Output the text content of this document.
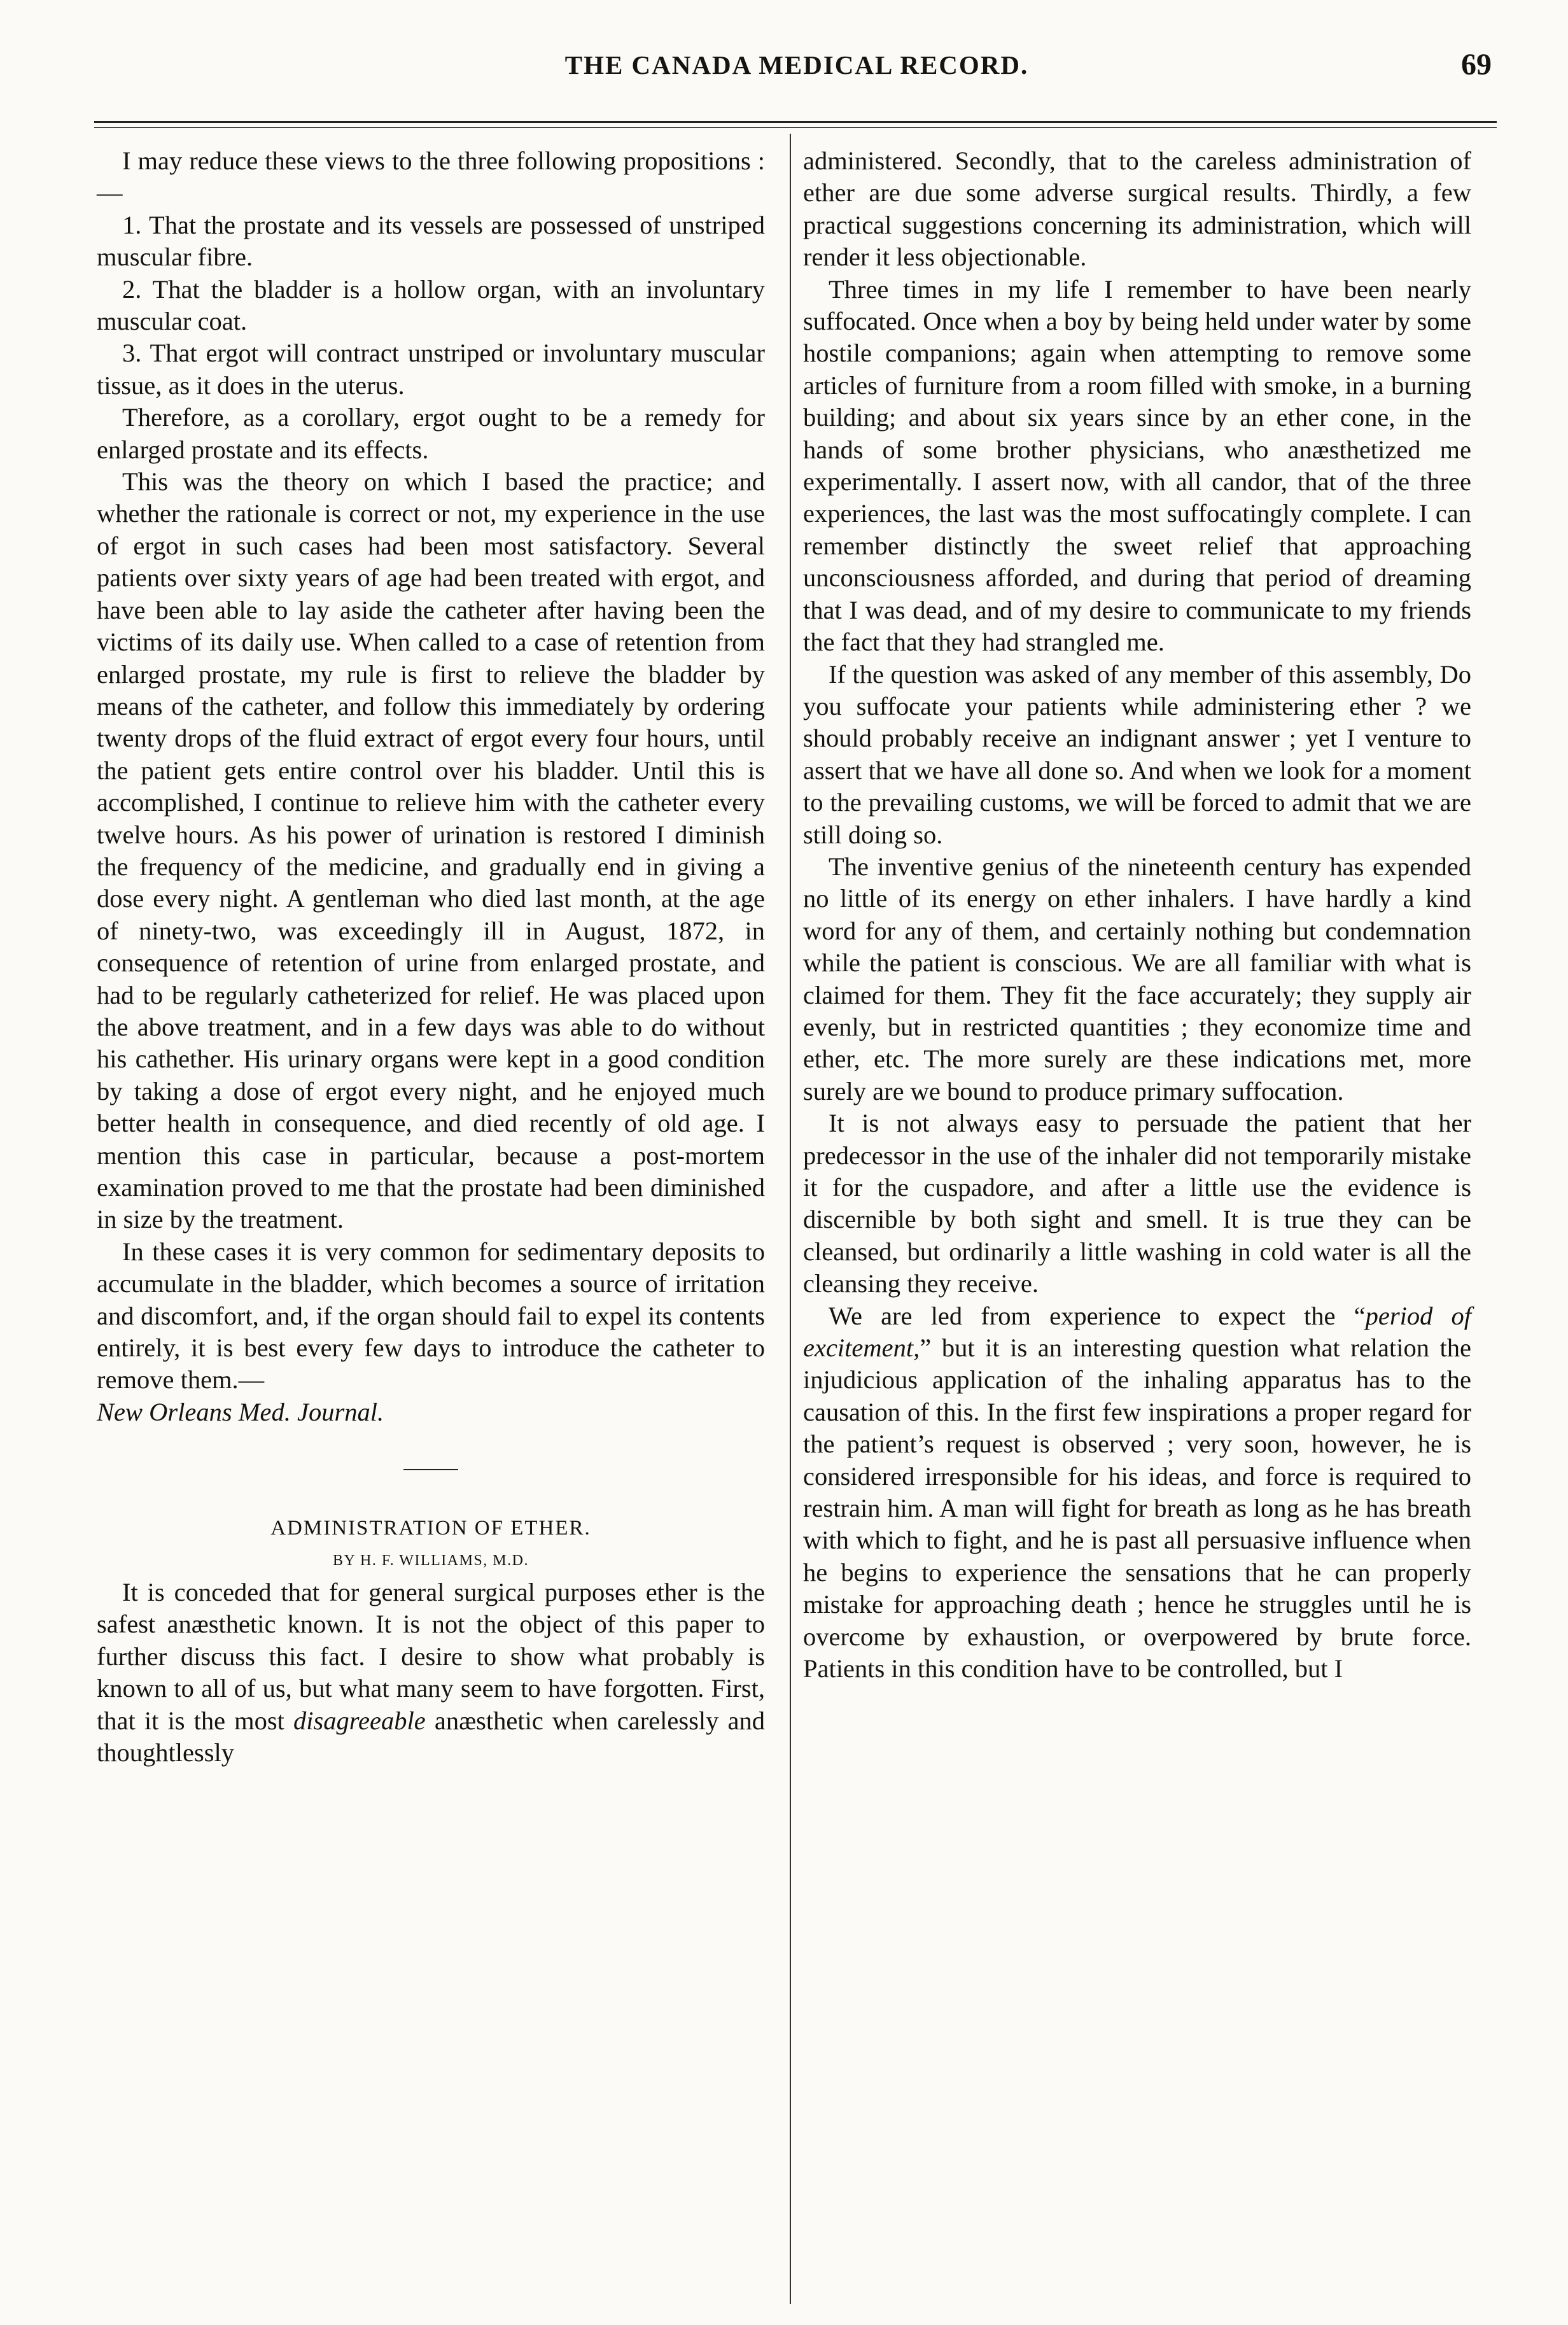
THE CANADA MEDICAL RECORD.	69

I may reduce these views to the three following propositions :—

1. That the prostate and its vessels are possessed of unstriped muscular fibre.

2. That the bladder is a hollow organ, with an involuntary muscular coat.

3. That ergot will contract unstriped or involuntary muscular tissue, as it does in the uterus.

Therefore, as a corollary, ergot ought to be a remedy for enlarged prostate and its effects.

This was the theory on which I based the practice; and whether the rationale is correct or not, my experience in the use of ergot in such cases had been most satisfactory. Several patients over sixty years of age had been treated with ergot, and have been able to lay aside the catheter after having been the victims of its daily use. When called to a case of retention from enlarged prostate, my rule is first to relieve the bladder by means of the catheter, and follow this immediately by ordering twenty drops of the fluid extract of ergot every four hours, until the patient gets entire control over his bladder. Until this is accomplished, I continue to relieve him with the catheter every twelve hours. As his power of urination is restored I diminish the frequency of the medicine, and gradually end in giving a dose every night. A gentleman who died last month, at the age of ninety-two, was exceedingly ill in August, 1872, in consequence of retention of urine from enlarged prostate, and had to be regularly catheterized for relief. He was placed upon the above treatment, and in a few days was able to do without his cathether. His urinary organs were kept in a good condition by taking a dose of ergot every night, and he enjoyed much better health in consequence, and died recently of old age. I mention this case in particular, because a post-mortem examination proved to me that the prostate had been diminished in size by the treatment.

In these cases it is very common for sedimentary deposits to accumulate in the bladder, which becomes a source of irritation and discomfort, and, if the organ should fail to expel its contents entirely, it is best every few days to introduce the catheter to remove them.—
New Orleans Med. Journal.

ADMINISTRATION OF ETHER.

BY H. F. WILLIAMS, M.D.

It is conceded that for general surgical purposes ether is the safest anæsthetic known. It is not the object of this paper to further discuss this fact. I desire to show what probably is known to all of us, but what many seem to have forgotten. First, that it is the most disagreeable anæsthetic when carelessly and thoughtlessly

administered. Secondly, that to the careless administration of ether are due some adverse surgical results. Thirdly, a few practical suggestions concerning its administration, which will render it less objectionable.

Three times in my life I remember to have been nearly suffocated. Once when a boy by being held under water by some hostile companions; again when attempting to remove some articles of furniture from a room filled with smoke, in a burning building; and about six years since by an ether cone, in the hands of some brother physicians, who anæsthetized me experimentally. I assert now, with all candor, that of the three experiences, the last was the most suffocatingly complete. I can remember distinctly the sweet relief that approaching unconsciousness afforded, and during that period of dreaming that I was dead, and of my desire to communicate to my friends the fact that they had strangled me.

If the question was asked of any member of this assembly, Do you suffocate your patients while administering ether ? we should probably receive an indignant answer ; yet I venture to assert that we have all done so. And when we look for a moment to the prevailing customs, we will be forced to admit that we are still doing so.

The inventive genius of the nineteenth century has expended no little of its energy on ether inhalers. I have hardly a kind word for any of them, and certainly nothing but condemnation while the patient is conscious. We are all familiar with what is claimed for them. They fit the face accurately; they supply air evenly, but in restricted quantities ; they economize time and ether, etc. The more surely are these indications met, more surely are we bound to produce primary suffocation.

It is not always easy to persuade the patient that her predecessor in the use of the inhaler did not temporarily mistake it for the cuspadore, and after a little use the evidence is discernible by both sight and smell. It is true they can be cleansed, but ordinarily a little washing in cold water is all the cleansing they receive.

We are led from experience to expect the “period of excitement,” but it is an interesting question what relation the injudicious application of the inhaling apparatus has to the causation of this. In the first few inspirations a proper regard for the patient’s request is observed ; very soon, however, he is considered irresponsible for his ideas, and force is required to restrain him. A man will fight for breath as long as he has breath with which to fight, and he is past all persuasive influence when he begins to experience the sensations that he can properly mistake for approaching death ; hence he struggles until he is overcome by exhaustion, or overpowered by brute force. Patients in this condition have to be controlled, but I
